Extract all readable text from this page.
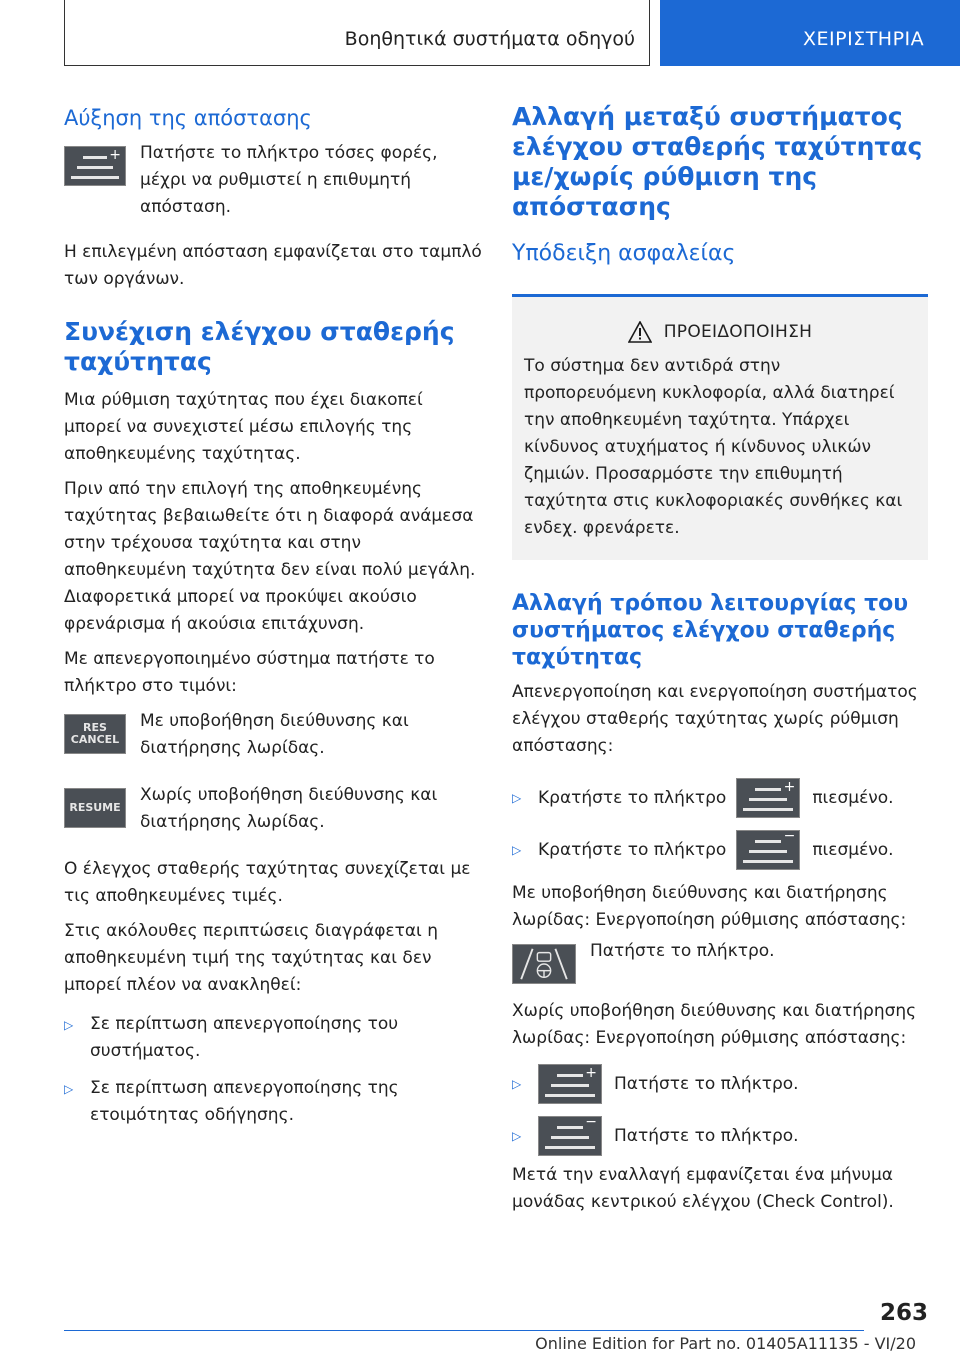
Βοηθητικά συστήματα οδηγού	ΧΕΙΡΙΣΤΗΡΙΑ
Αύξηση της απόστασης
+	Πατήστε το πλήκτρο τόσες φορές, μέχρι να ρυθμιστεί η επιθυμητή απόσταση.
Η επιλεγμένη απόσταση εμφανίζεται στο ταμπλό των οργάνων.
Συνέχιση ελέγχου σταθερής ταχύτητας
Μια ρύθμιση ταχύτητας που έχει διακοπεί μπορεί να συνεχιστεί μέσω επιλογής της αποθηκευμένης ταχύτητας.
Πριν από την επιλογή της αποθηκευμένης ταχύτητας βεβαιωθείτε ότι η διαφορά ανάμεσα στην τρέχουσα ταχύτητα και στην αποθηκευμένη ταχύτητα δεν είναι πολύ μεγάλη. Διαφορετικά μπορεί να προκύψει ακούσιο φρενάρισμα ή ακούσια επιτάχυνση.
Με απενεργοποιημένο σύστημα πατήστε το πλήκτρο στο τιμόνι:
RES
CANCEL
Με υποβοήθηση διεύθυνσης και διατήρησης λωρίδας.
RESUME
Χωρίς υποβοήθηση διεύθυνσης και διατήρησης λωρίδας.
Ο έλεγχος σταθερής ταχύτητας συνεχίζεται με τις αποθηκευμένες τιμές.
Στις ακόλουθες περιπτώσεις διαγράφεται η αποθηκευμένη τιμή της ταχύτητας και δεν μπορεί πλέον να ανακληθεί:
▷ Σε περίπτωση απενεργοποίησης του συστήματος.
▷ Σε περίπτωση απενεργοποίησης της ετοιμότητας οδήγησης.
Αλλαγή μεταξύ συστήματος ελέγχου σταθερής ταχύτητας με/χωρίς ρύθμιση της απόστασης
Υπόδειξη ασφαλείας
ΠΡΟΕΙΔΟΠΟΙΗΣΗ
Το σύστημα δεν αντιδρά στην προπορευόμενη κυκλοφορία, αλλά διατηρεί την αποθηκευμένη ταχύτητα. Υπάρχει κίνδυνος ατυχήματος ή κίνδυνος υλικών ζημιών. Προσαρμόστε την επιθυμητή ταχύτητα στις κυκλοφοριακές συνθήκες και ενδεχ. φρενάρετε.
Αλλαγή τρόπου λειτουργίας του συστήματος ελέγχου σταθερής ταχύτητας
Απενεργοποίηση και ενεργοποίηση συστήματος ελέγχου σταθερής ταχύτητας χωρίς ρύθμιση απόστασης:
▷ Κρατήστε το πλήκτρο
+
πιεσμένο.
▷ Κρατήστε το πλήκτρο
−
πιεσμένο.
Με υποβοήθηση διεύθυνσης και διατήρησης λωρίδας: Ενεργοποίηση ρύθμισης απόστασης:
Πατήστε το πλήκτρο.
Χωρίς υποβοήθηση διεύθυνσης και διατήρησης λωρίδας: Ενεργοποίηση ρύθμισης απόστασης:
▷
+
Πατήστε το πλήκτρο.
▷
−
Πατήστε το πλήκτρο.
Μετά την εναλλαγή εμφανίζεται ένα μήνυμα μονάδας κεντρικού ελέγχου (Check Control).
263
Online Edition for Part no. 01405A11135 - VI/20
